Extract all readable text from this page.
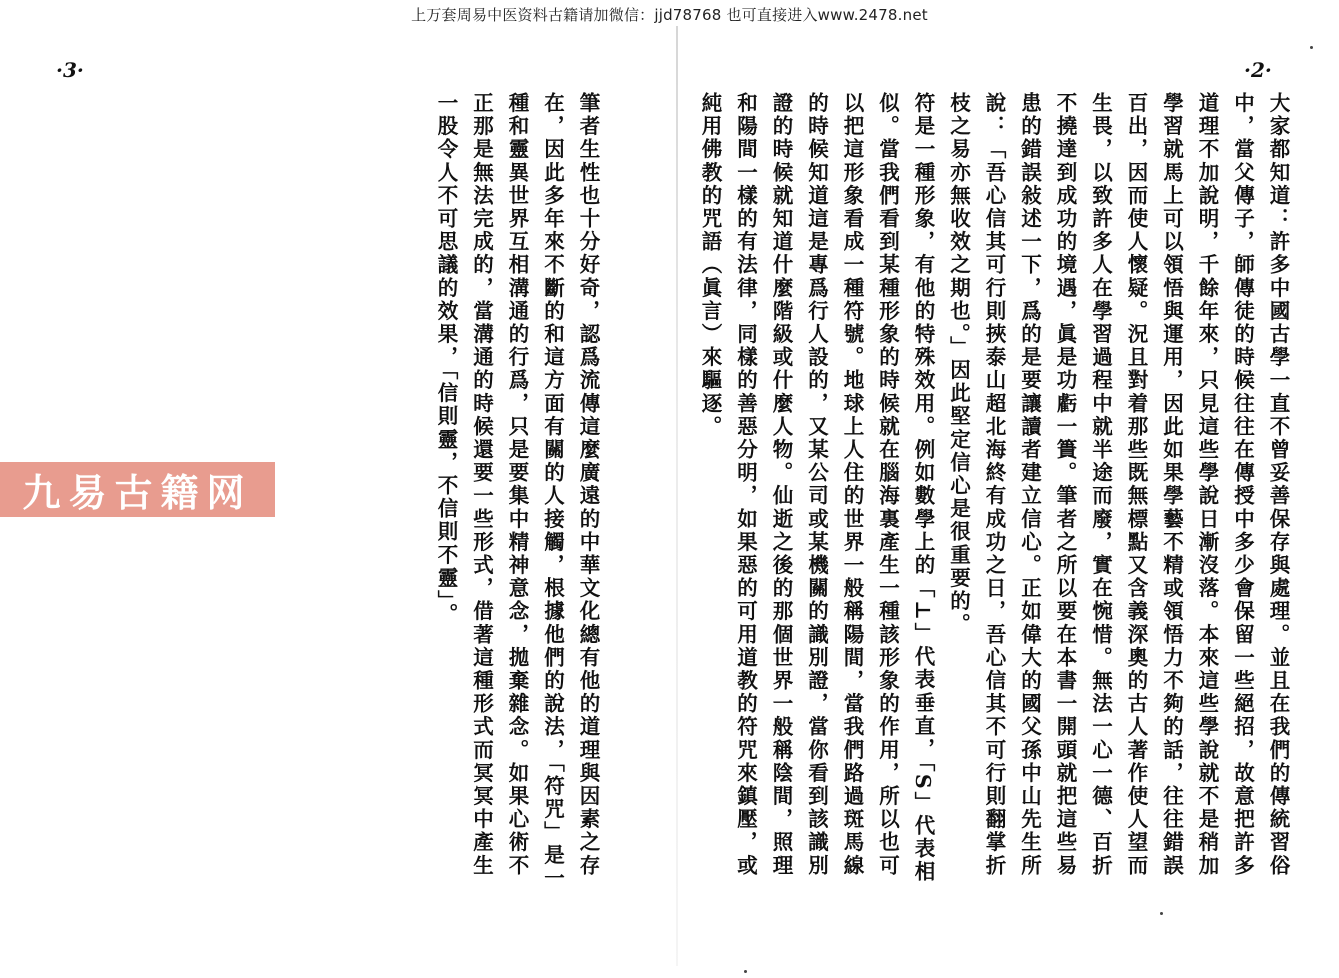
上万套周易中医资料古籍请加微信：jjd78768 也可直接进入www.2478.net
·2·

大家都知道：許多中國古學一直不曾妥善保存與處理。並且在我們的傳統習俗中，當父傳子，師傳徒的時候往往在傳授中多少會保留一些絕招，故意把許多道理不加說明，千餘年來，只見這些學說日漸沒落。本來這些學說就不是稍加學習就馬上可以領悟與運用，因此如果學藝不精或領悟力不夠的話，往往錯誤百出，因而使人懷疑。況且對着那些既無標點又含義深奧的古人著作使人望而生畏，以致許多人在學習過程中就半途而廢，實在惋惜。無法一心一德、百折不撓達到成功的境遇，眞是功虧一簣。筆者之所以要在本書一開頭就把這些易患的錯誤敍述一下，爲的是要讓讀者建立信心。正如偉大的國父孫中山先生所說：「吾心信其可行則挾泰山超北海終有成功之日，吾心信其不可行則翻掌折枝之易亦無收效之期也。」因此堅定信心是很重要的。

符是一種形象，有他的特殊效用。例如數學上的「⊥」代表垂直，「S」代表相似。當我們看到某種形象的時候就在腦海裏產生一種該形象的作用，所以也可以把這形象看成一種符號。地球上人住的世界一般稱陽間，當我們路過斑馬線的時候知道這是專爲行人設的，又某公司或某機關的識別證，當你看到該識別證的時候就知道什麼階級或什麼人物。仙逝之後的那個世界一般稱陰間，照理和陽間一樣的有法律，同樣的善惡分明，如果惡的可用道教的符咒來鎮壓，或純用佛教的咒語（眞言）來驅逐。

·3·

筆者生性也十分好奇，認爲流傳這麼廣遠的中華文化總有他的道理與因素之存在，因此多年來不斷的和這方面有關的人接觸，根據他們的說法，「符咒」是一種和靈異世界互相溝通的行爲，只是要集中精神意念，拋棄雜念。如果心術不正那是無法完成的，當溝通的時候還要一些形式，借著這種形式而冥冥中產生一股令人不可思議的效果，「信則靈，不信則不靈」。

九易古籍网
